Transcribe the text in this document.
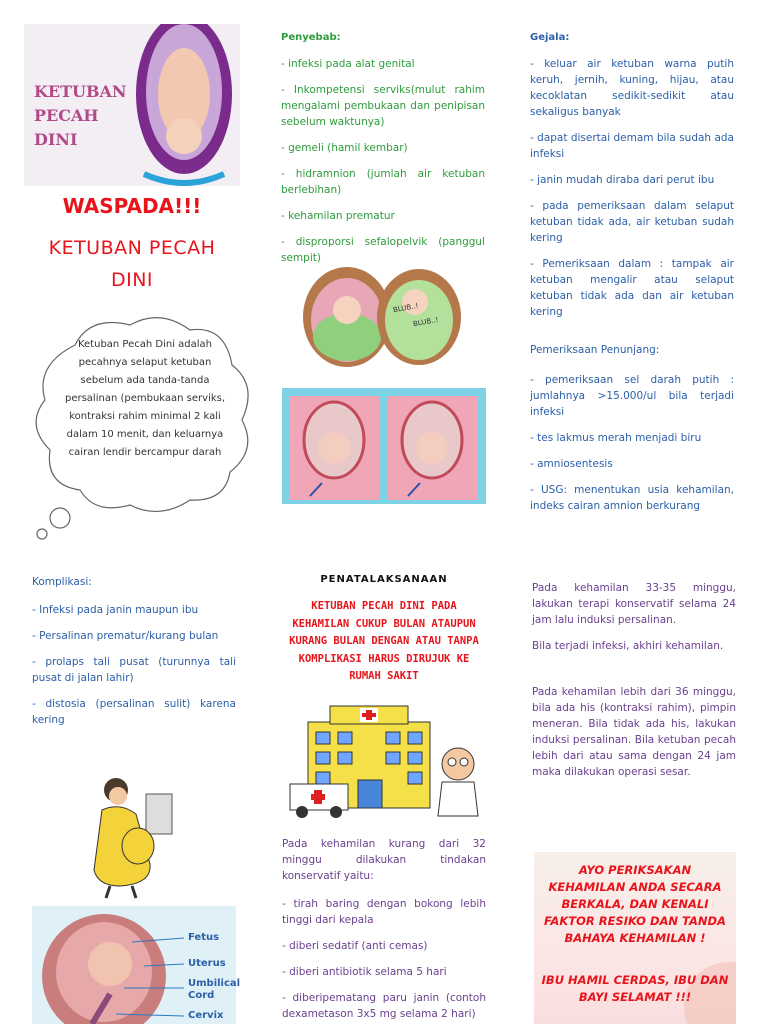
KETUBAN PECAH DINI
WASPADA!!!
KETUBAN PECAH DINI
Ketuban Pecah Dini adalah pecahnya selaput ketuban sebelum ada tanda-tanda persalinan (pembukaan serviks, kontraksi rahim minimal 2 kali dalam 10 menit, dan keluarnya cairan lendir bercampur darah
Penyebab:

- infeksi pada alat genital

- Inkompetensi serviks(mulut rahim mengalami pembukaan dan penipisan sebelum waktunya)

- gemeli (hamil kembar)

- hidramnion (jumlah air ketuban berlebihan)

- kehamilan prematur

- disproporsi sefalopelvik (panggul sempit)

BLUB..!
BLUB..!
Gejala:

- keluar air ketuban warna putih keruh, jernih, kuning, hijau, atau kecoklatan sedikit-sedikit atau sekaligus banyak

- dapat disertai demam bila sudah ada infeksi

- janin mudah diraba dari perut ibu

- pada pemeriksaan dalam selaput ketuban tidak ada, air ketuban sudah kering

- Pemeriksaan dalam : tampak air ketuban mengalir atau selaput ketuban tidak ada dan air ketuban kering

Pemeriksaan Penunjang:

- pemeriksaan sel darah putih : jumlahnya >15.000/ul bila terjadi infeksi

- tes lakmus merah menjadi biru

- amniosentesis

- USG: menentukan usia kehamilan, indeks cairan amnion berkurang

Komplikasi:

- Infeksi pada janin maupun ibu

- Persalinan prematur/kurang bulan

- prolaps tali pusat (turunnya tali pusat di jalan lahir)

- distosia (persalinan sulit) karena kering

Fetus
Uterus
Umbilical Cord
Cervix
PENATALAKSANAAN
KETUBAN PECAH DINI PADA KEHAMILAN CUKUP BULAN ATAUPUN KURANG BULAN DENGAN ATAU TANPA KOMPLIKASI HARUS DIRUJUK KE RUMAH SAKIT

Pada kehamilan kurang dari 32 minggu dilakukan tindakan konservatif yaitu:

- tirah baring dengan bokong lebih tinggi dari kepala

- diberi sedatif (anti cemas)

- diberi antibiotik selama 5 hari

- diberipematang paru janin (contoh dexametason 3x5 mg selama 2 hari)

Pada kehamilan 33-35 minggu, lakukan terapi konservatif selama 24 jam lalu induksi persalinan.

Bila terjadi infeksi, akhiri kehamilan.

Pada kehamilan lebih dari 36 minggu, bila ada his (kontraksi rahim), pimpin meneran. Bila tidak ada his, lakukan induksi persalinan. Bila ketuban pecah lebih dari atau sama dengan 24 jam maka dilakukan operasi sesar.

AYO PERIKSAKAN KEHAMILAN ANDA SECARA BERKALA, DAN KENALI FAKTOR RESIKO DAN TANDA BAHAYA KEHAMILAN !
IBU HAMIL CERDAS, IBU DAN BAYI SELAMAT !!!
